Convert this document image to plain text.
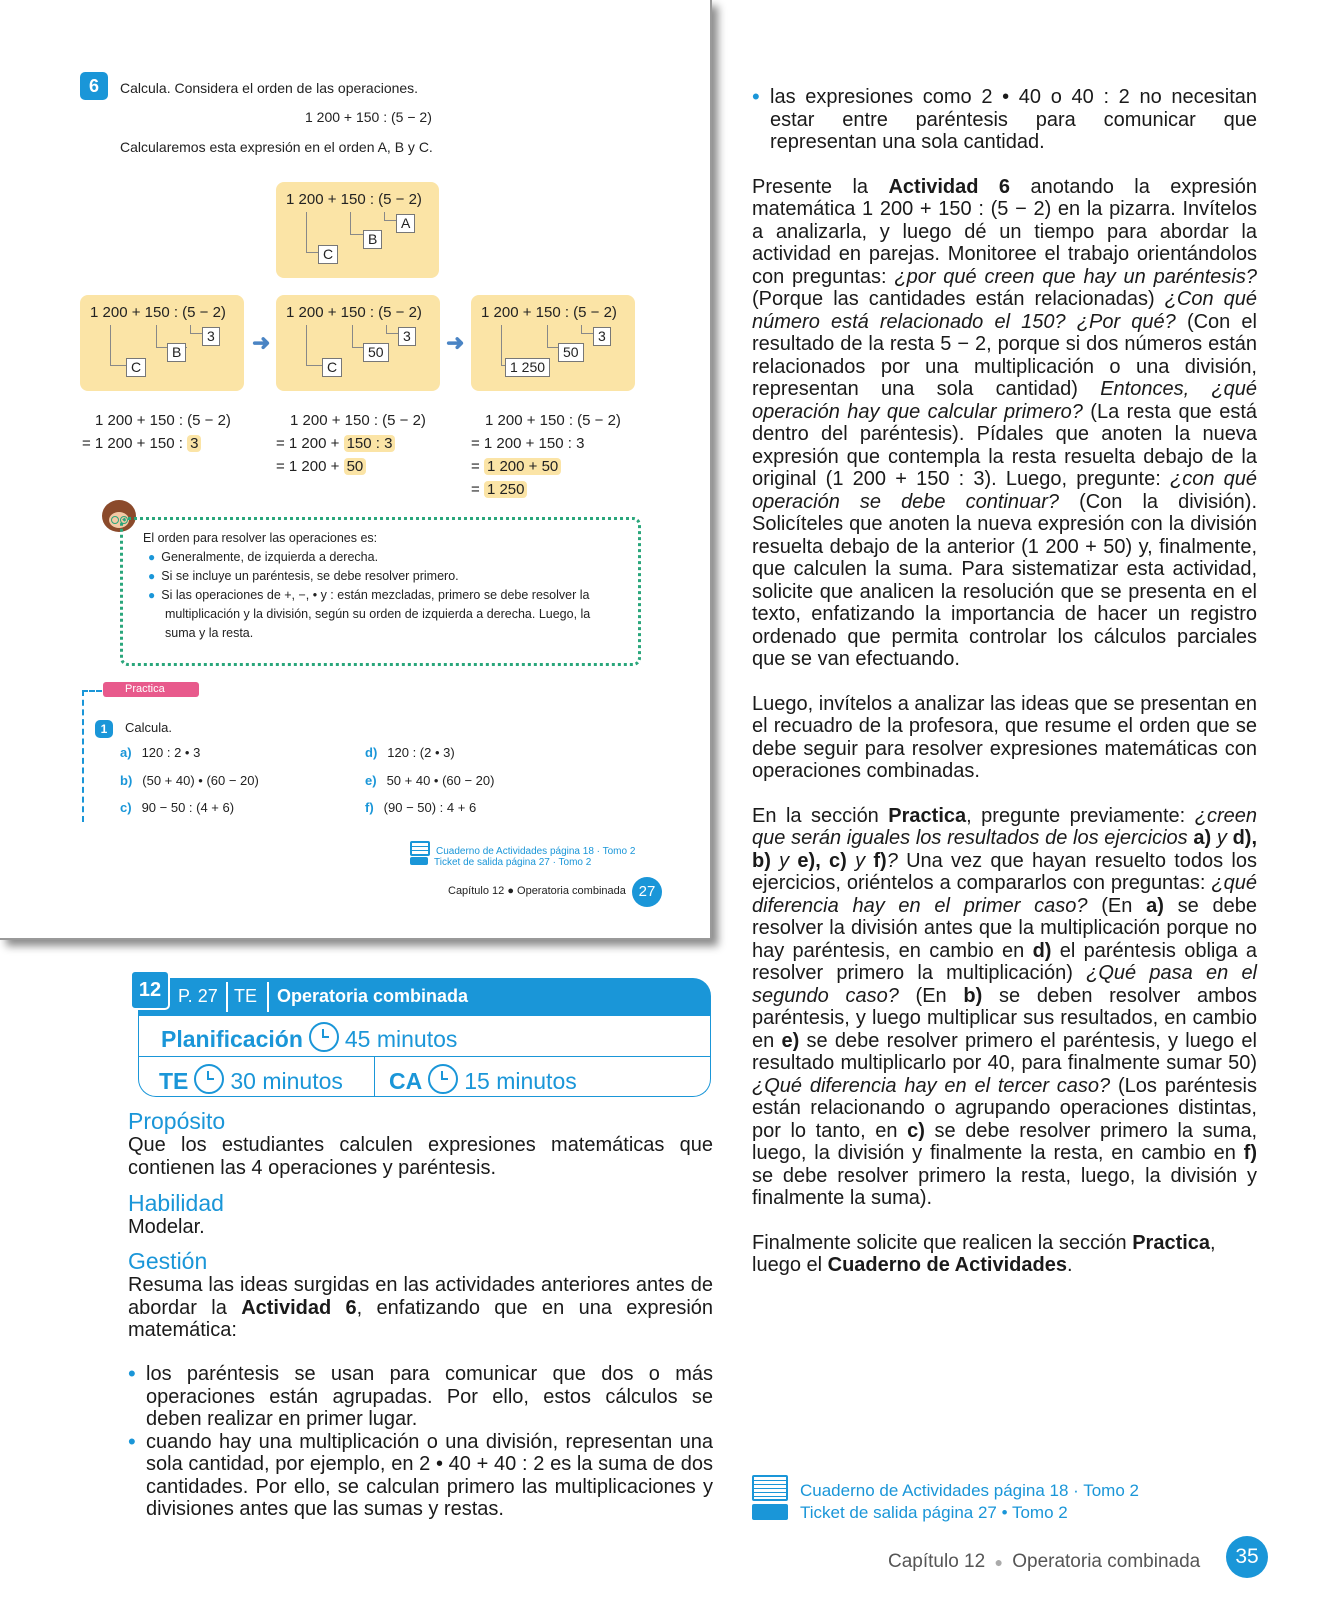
6	Calcula. Considera el orden de las operaciones.
1 200 + 150 : (5 − 2)
Calcularemos esta expresión en el orden A, B y C.
1 200 + 150 : (5 − 2)
A
B
C
1 200 + 150 : (5 − 2)
3
B
C
➜
1 200 + 150 : (5 − 2)
3
50
C
➜
1 200 + 150 : (5 − 2)
3
50
1 250
1 200 + 150 : (5 − 2)
= 1 200 + 150 : 3
1 200 + 150 : (5 − 2)
= 1 200 + 150 : 3
= 1 200 + 50
1 200 + 150 : (5 − 2)
= 1 200 + 150 : 3
= 1 200 + 50
= 1 250
El orden para resolver las operaciones es:
● Generalmente, de izquierda a derecha.
● Si se incluye un paréntesis, se debe resolver primero.
● Si las operaciones de +, −, • y : están mezcladas, primero se debe resolver la
multiplicación y la división, según su orden de izquierda a derecha. Luego, la
suma y la resta.
Practica
1	Calcula.
a) 120 : 2 • 3
b) (50 + 40) • (60 − 20)
c) 90 − 50 : (4 + 6)
d) 120 : (2 • 3)
e) 50 + 40 • (60 − 20)
f) (90 − 50) : 4 + 6
Cuaderno de Actividades página 18 · Tomo 2
Ticket de salida página 27 · Tomo 2
Capítulo 12 ● Operatoria combinada 27
P. 27 TE Operatoria combinada
12
Planificación 45 minutos
TE 30 minutos CA 15 minutos
Propósito
Que los estudiantes calculen expresiones matemáticas que contienen las 4 operaciones y paréntesis.
Habilidad
Modelar.
Gestión
Resuma las ideas surgidas en las actividades anteriores antes de abordar la Actividad 6, enfatizando que en una expresión matemática:
• los paréntesis se usan para comunicar que dos o más operaciones están agrupadas. Por ello, estos cálculos se deben realizar en primer lugar.
• cuando hay una multiplicación o una división, representan una sola cantidad, por ejemplo, en 2 • 40 + 40 : 2 es la suma de dos cantidades. Por ello, se calculan primero las multiplicaciones y divisiones antes que las sumas y restas.
• las expresiones como 2 • 40 o 40 : 2 no necesitan estar entre paréntesis para comunicar que representan una sola cantidad.
Presente la Actividad 6 anotando la expresión matemática 1 200 + 150 : (5 − 2) en la pizarra. Invítelos a analizarla, y luego dé un tiempo para abordar la actividad en parejas. Monitoree el trabajo orientándolos con preguntas: ¿por qué creen que hay un paréntesis? (Porque las cantidades están relacionadas) ¿Con qué número está relacionado el 150? ¿Por qué? (Con el resultado de la resta 5 − 2, porque si dos números están relacionados por una multiplicación o una división, representan una sola cantidad) Entonces, ¿qué operación hay que calcular primero? (La resta que está dentro del paréntesis). Pídales que anoten la nueva expresión que contempla la resta resuelta debajo de la original (1 200 + 150 : 3). Luego, pregunte: ¿con qué operación se debe continuar? (Con la división). Solicíteles que anoten la nueva expresión con la división resuelta debajo de la anterior (1 200 + 50) y, finalmente, que calculen la suma. Para sistematizar esta actividad, solicite que analicen la resolución que se presenta en el texto, enfatizando la importancia de hacer un registro ordenado que permita controlar los cálculos parciales que se van efectuando.
Luego, invítelos a analizar las ideas que se presentan en el recuadro de la profesora, que resume el orden que se debe seguir para resolver expresiones matemáticas con operaciones combinadas.
En la sección Practica, pregunte previamente: ¿creen que serán iguales los resultados de los ejercicios a) y d), b) y e), c) y f)? Una vez que hayan resuelto todos los ejercicios, oriéntelos a compararlos con preguntas: ¿qué diferencia hay en el primer caso? (En a) se debe resolver la división antes que la multiplicación porque no hay paréntesis, en cambio en d) el paréntesis obliga a resolver primero la multiplicación) ¿Qué pasa en el segundo caso? (En b) se deben resolver ambos paréntesis, y luego multiplicar sus resultados, en cambio en e) se debe resolver primero el paréntesis, y luego el resultado multiplicarlo por 40, para finalmente sumar 50) ¿Qué diferencia hay en el tercer caso? (Los paréntesis están relacionando o agrupando operaciones distintas, por lo tanto, en c) se debe resolver primero la suma, luego, la división y finalmente la resta, en cambio en f) se debe resolver primero la resta, luego, la división y finalmente la suma).
Finalmente solicite que realicen la sección Practica, luego el Cuaderno de Actividades.
Cuaderno de Actividades página 18 · Tomo 2
Ticket de salida página 27 • Tomo 2
Capítulo 12 ● Operatoria combinada	35
